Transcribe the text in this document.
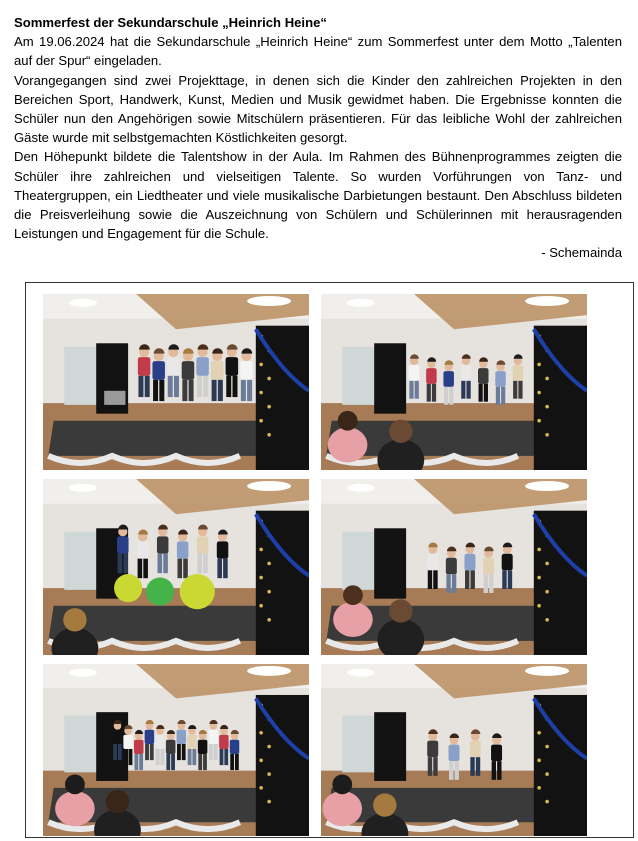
Sommerfest der Sekundarschule „Heinrich Heine“

Am 19.06.2024 hat die Sekundarschule „Heinrich Heine“ zum Sommerfest unter dem Motto „Talenten auf der Spur“ eingeladen.

Vorangegangen sind zwei Projekttage, in denen sich die Kinder den zahlreichen Projekten in den Bereichen Sport, Handwerk, Kunst, Medien und Musik gewidmet haben. Die Ergebnisse konnten die Schüler nun den Angehörigen sowie Mitschülern präsentieren. Für das leibliche Wohl der zahlreichen Gäste wurde mit selbstgemachten Köstlichkeiten gesorgt.

Den Höhepunkt bildete die Talentshow in der Aula. Im Rahmen des Bühnenprogrammes zeigten die Schüler ihre zahlreichen und vielseitigen Talente. So wurden Vorführungen von Tanz- und Theatergruppen, ein Liedtheater und viele musikalische Darbietungen bestaunt. Den Abschluss bildeten die Preisverleihung sowie die Auszeichnung von Schülern und Schülerinnen mit herausragenden Leistungen und Engagement für die Schule.

- Schemainda
